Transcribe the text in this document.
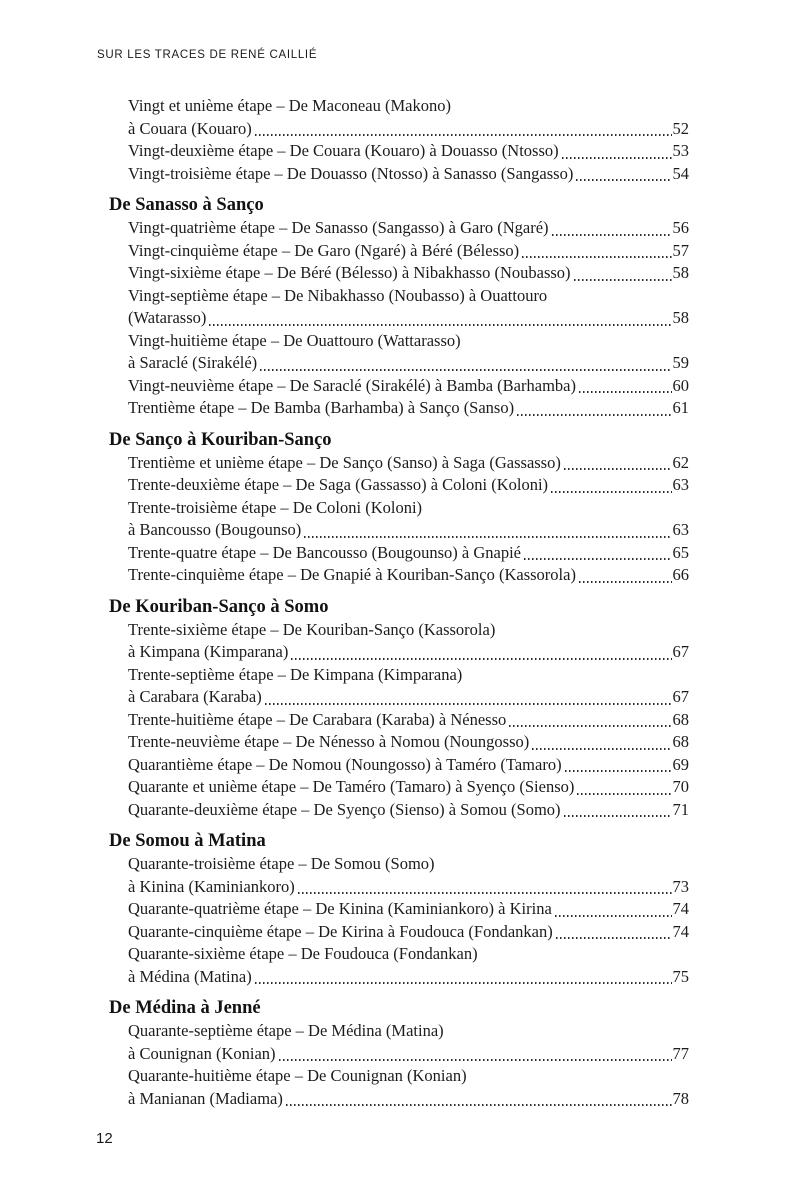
SUR LES TRACES DE RENÉ CAILLIÉ
Vingt et unième étape – De Maconeau (Makono)
à Couara (Kouaro)	52
Vingt-deuxième étape – De Couara (Kouaro) à Douasso (Ntosso)	53
Vingt-troisième étape – De Douasso (Ntosso) à Sanasso (Sangasso)	54
De Sanasso à Sanço
Vingt-quatrième étape – De Sanasso (Sangasso) à Garo (Ngaré)	56
Vingt-cinquième étape – De Garo (Ngaré) à Béré (Bélesso)	57
Vingt-sixième étape – De Béré (Bélesso) à Nibakhasso (Noubasso)	58
Vingt-septième étape – De Nibakhasso (Noubasso) à Ouattouro
(Watarasso)	58
Vingt-huitième étape – De Ouattouro (Wattarasso)
à Saraclé (Sirakélé)	59
Vingt-neuvième étape – De Saraclé (Sirakélé) à Bamba (Barhamba)	60
Trentième étape – De Bamba (Barhamba) à Sanço (Sanso)	61
De Sanço à Kouriban-Sanço
Trentième et unième étape – De Sanço (Sanso) à Saga (Gassasso)	62
Trente-deuxième étape – De Saga (Gassasso) à Coloni (Koloni)	63
Trente-troisième étape – De Coloni (Koloni)
à Bancousso (Bougounso)	63
Trente-quatre étape – De Bancousso (Bougounso) à Gnapié	65
Trente-cinquième étape – De Gnapié à Kouriban-Sanço (Kassorola)	66
De Kouriban-Sanço à Somo
Trente-sixième étape – De Kouriban-Sanço (Kassorola)
à Kimpana (Kimparana)	67
Trente-septième étape – De Kimpana (Kimparana)
à Carabara (Karaba)	67
Trente-huitième étape – De Carabara (Karaba) à Nénesso	68
Trente-neuvième étape – De Nénesso à Nomou (Noungosso)	68
Quarantième étape – De Nomou (Noungosso) à Taméro (Tamaro)	69
Quarante et unième étape – De Taméro (Tamaro) à Syenço (Sienso)	70
Quarante-deuxième étape – De Syenço (Sienso) à Somou (Somo)	71
De Somou à Matina
Quarante-troisième étape – De Somou (Somo)
à Kinina (Kaminiankoro)	73
Quarante-quatrième étape – De Kinina (Kaminiankoro) à Kirina	74
Quarante-cinquième étape – De Kirina à Foudouca (Fondankan)	74
Quarante-sixième étape – De Foudouca (Fondankan)
à Médina (Matina)	75
De Médina à Jenné
Quarante-septième étape – De Médina (Matina)
à Counignan (Konian)	77
Quarante-huitième étape – De Counignan (Konian)
à Manianan (Madiama)	78
12
